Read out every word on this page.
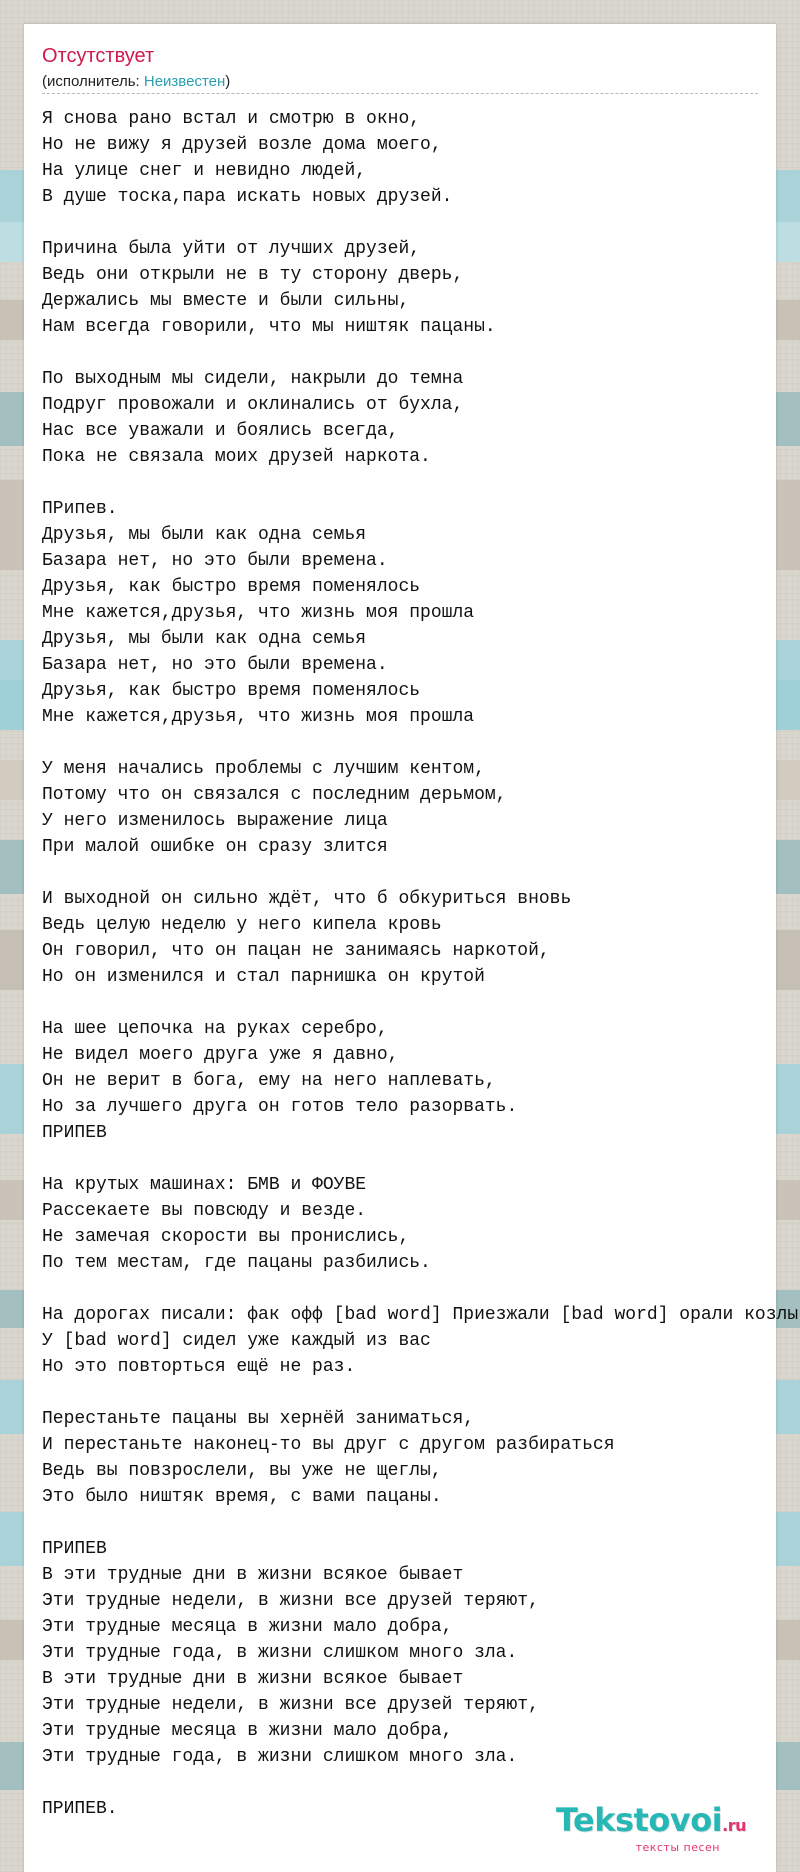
Отсутствует
(исполнитель: Неизвестен)
Я снова рано встал и смотрю в окно,
Но не вижу я друзей возле дома моего,
На улице снег и невидно людей,
В душе тоска,пара искать новых друзей.

Причина была уйти от лучших друзей,
Ведь они открыли не в ту сторону дверь,
Держались мы вместе и были сильны,
Нам всегда говорили, что мы ништяк пацаны.

По выходным мы сидели, накрыли до темна
Подруг провожали и оклинались от бухла,
Нас все уважали и боялись всегда,
Пока не связала моих друзей наркота.

ПРипев.
Друзья, мы были как одна семья
Базара нет, но это были времена.
Друзья, как быстро время поменялось
Мне кажется,друзья, что жизнь моя прошла
Друзья, мы были как одна семья
Базара нет, но это были времена.
Друзья, как быстро время поменялось
Мне кажется,друзья, что жизнь моя прошла

У меня начались проблемы с лучшим кентом,
Потому что он связался с последним дерьмом,
У него изменилось выражение лица
При малой ошибке он сразу злится

И выходной он сильно ждёт, что б обкуриться вновь
Ведь целую неделю у него кипела кровь
Он говорил, что он пацан не занимаясь наркотой,
Но он изменился и стал парнишка он крутой

На шее цепочка на руках серебро,
Не видел моего друга уже я давно,
Он не верит в бога, ему на него наплевать,
Но за лучшего друга он готов тело разорвать.
ПРИПЕВ

На крутых машинах: БМВ и ФОУВЕ
Рассекаете вы повсюду и везде.
Не замечая скорости вы пронислись,
По тем местам, где пацаны разбились.

На дорогах писали: фак офф [bad word] Приезжали [bad word] орали козлы
У [bad word] сидел уже каждый из вас
Но это повторться ещё не раз.

Перестаньте пацаны вы хернёй заниматься,
И перестаньте наконец-то вы друг с другом разбираться
Ведь вы повзрослели, вы уже не щеглы,
Это было ништяк время, с вами пацаны.

ПРИПЕВ
В эти трудные дни в жизни всякое бывает
Эти трудные недели, в жизни все друзей теряют,
Эти трудные месяца в жизни мало добра,
Эти трудные года, в жизни слишком много зла.
В эти трудные дни в жизни всякое бывает
Эти трудные недели, в жизни все друзей теряют,
Эти трудные месяца в жизни мало добра,
Эти трудные года, в жизни слишком много зла.

ПРИПЕВ.	Tekstovoi.ru
тексты песен
